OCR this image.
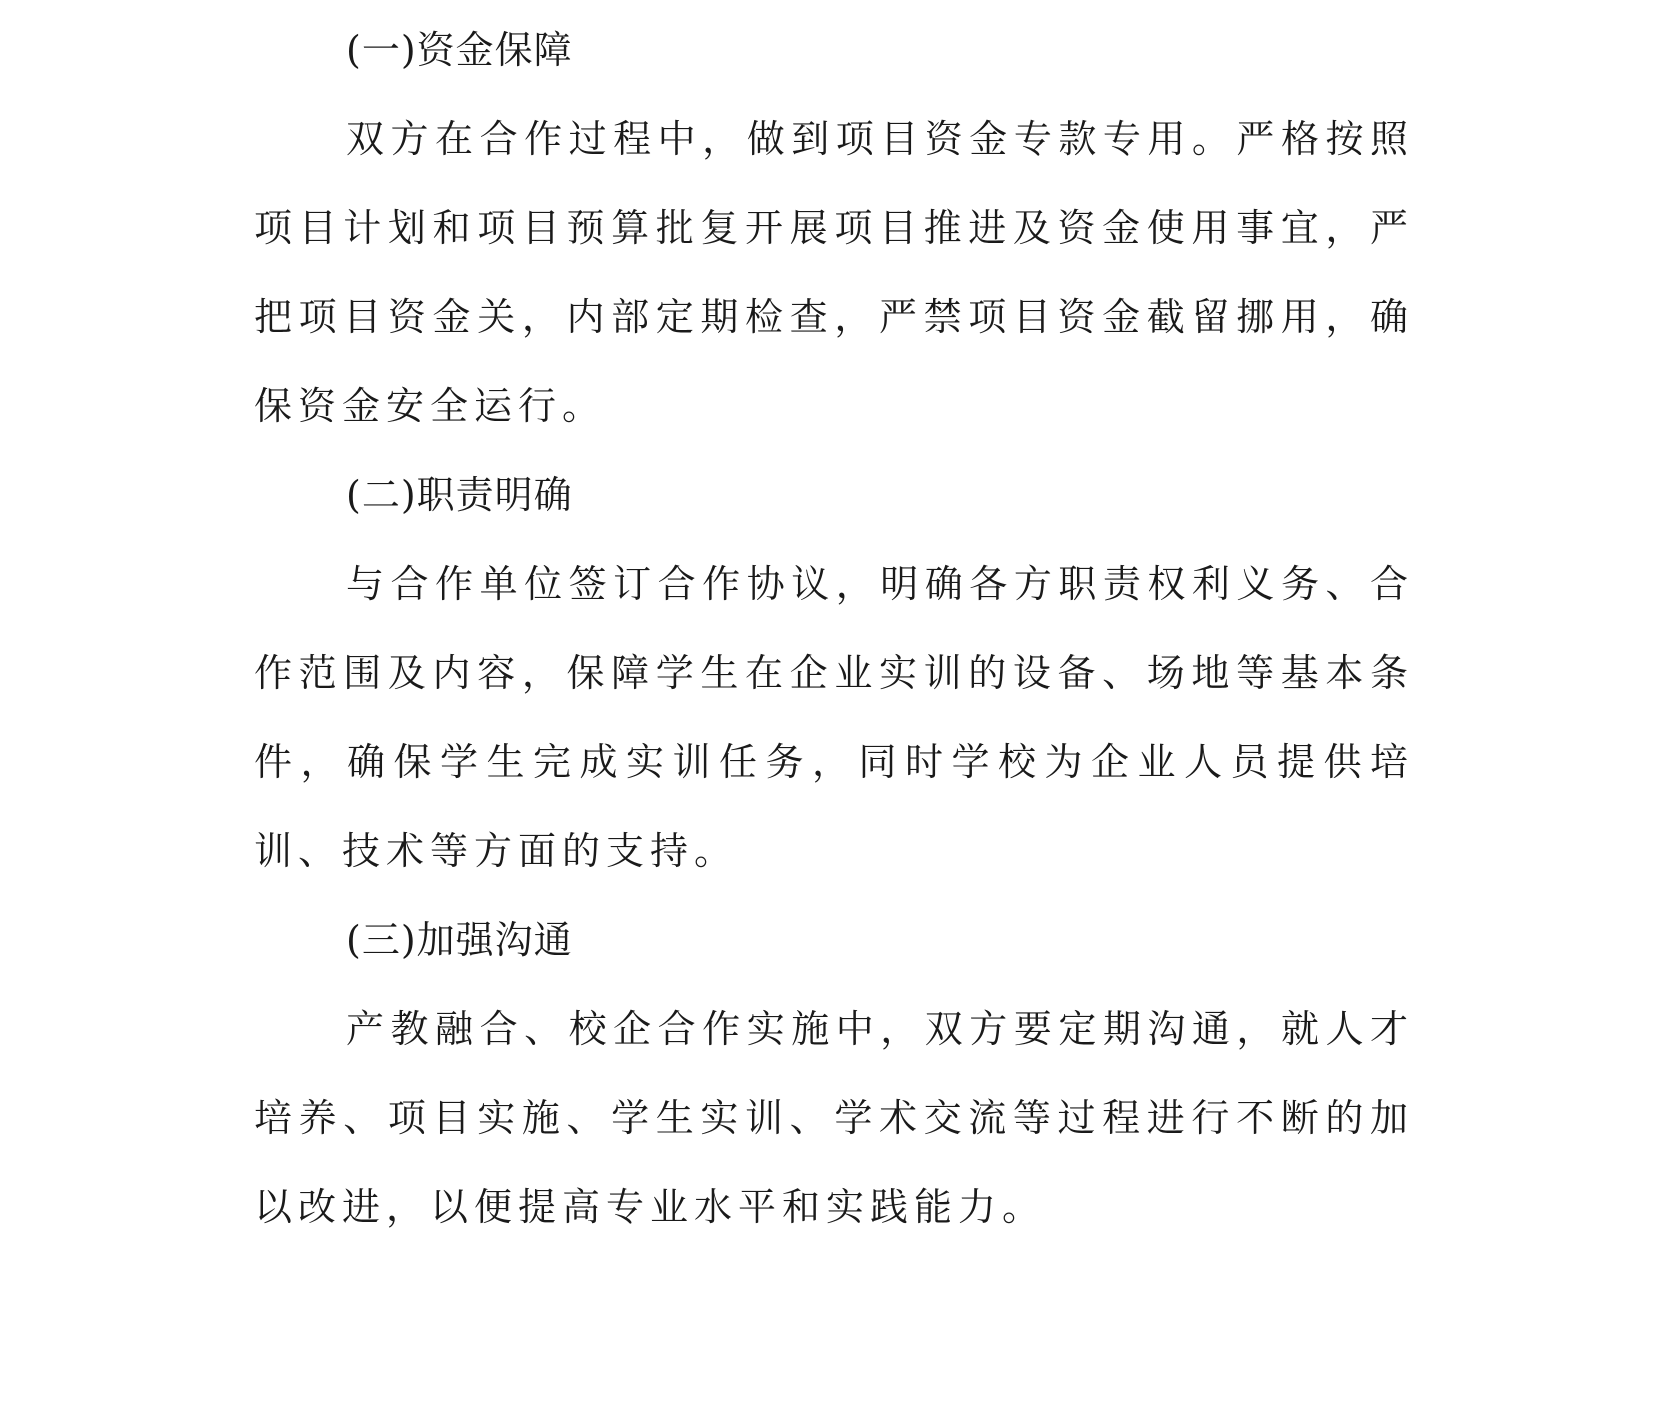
(一)资金保障

双方在合作过程中，做到项目资金专款专用。严格按照项目计划和项目预算批复开展项目推进及资金使用事宜，严把项目资金关，内部定期检查，严禁项目资金截留挪用，确保资金安全运行。

(二)职责明确

与合作单位签订合作协议，明确各方职责权利义务、合作范围及内容，保障学生在企业实训的设备、场地等基本条件，确保学生完成实训任务，同时学校为企业人员提供培训、技术等方面的支持。

(三)加强沟通

产教融合、校企合作实施中，双方要定期沟通，就人才培养、项目实施、学生实训、学术交流等过程进行不断的加以改进，以便提高专业水平和实践能力。
